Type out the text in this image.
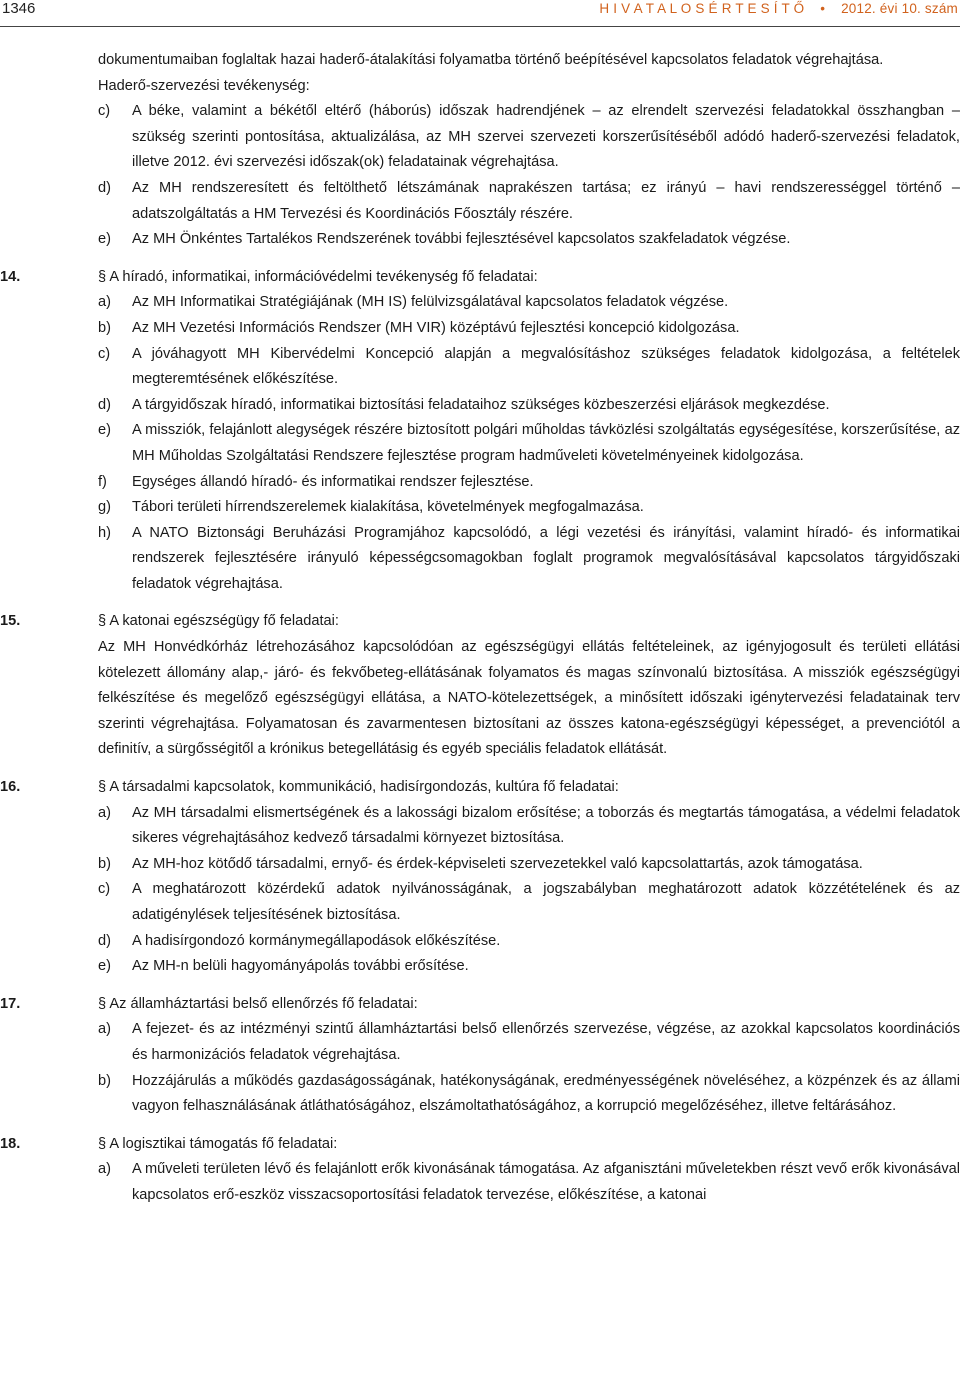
1346	H I V A T A L O S É R T E S Í T Ő • 2012. évi 10. szám

dokumentumaiban foglaltak hazai haderő-átalakítási folyamatba történő beépítésével kapcsolatos feladatok végrehajtása.

Haderő-szervezési tevékenység:

c) A béke, valamint a békétől eltérő (háborús) időszak hadrendjének – az elrendelt szervezési feladatokkal összhangban – szükség szerinti pontosítása, aktualizálása, az MH szervei szervezeti korszerűsítéséből adódó haderő-szervezési feladatok, illetve 2012. évi szervezési időszak(ok) feladatainak végrehajtása.
d) Az MH rendszeresített és feltölthető létszámának naprakészen tartása; ez irányú – havi rendszerességgel történő – adatszolgáltatás a HM Tervezési és Koordinációs Főosztály részére.
e) Az MH Önkéntes Tartalékos Rendszerének további fejlesztésével kapcsolatos szakfeladatok végzése.
14.	§ A híradó, informatikai, információvédelmi tevékenység fő feladatai:
a) Az MH Informatikai Stratégiájának (MH IS) felülvizsgálatával kapcsolatos feladatok végzése.
b) Az MH Vezetési Információs Rendszer (MH VIR) középtávú fejlesztési koncepció kidolgozása.
c) A jóváhagyott MH Kibervédelmi Koncepció alapján a megvalósításhoz szükséges feladatok kidolgozása, a feltételek megteremtésének előkészítése.
d) A tárgyidőszak híradó, informatikai biztosítási feladataihoz szükséges közbeszerzési eljárások megkezdése.
e) A missziók, felajánlott alegységek részére biztosított polgári műholdas távközlési szolgáltatás egységesítése, korszerűsítése, az MH Műholdas Szolgáltatási Rendszere fejlesztése program hadműveleti követelményeinek kidolgozása.
f) Egységes állandó híradó- és informatikai rendszer fejlesztése.
g) Tábori területi hírrendszerelemek kialakítása, követelmények megfogalmazása.
h) A NATO Biztonsági Beruházási Programjához kapcsolódó, a légi vezetési és irányítási, valamint híradó- és informatikai rendszerek fejlesztésére irányuló képességcsomagokban foglalt programok megvalósításával kapcsolatos tárgyidőszaki feladatok végrehajtása.
15.	§ A katonai egészségügy fő feladatai:

Az MH Honvédkórház létrehozásához kapcsolódóan az egészségügyi ellátás feltételeinek, az igényjogosult és területi ellátási kötelezett állomány alap,- járó- és fekvőbeteg-ellátásának folyamatos és magas színvonalú biztosítása. A missziók egészségügyi felkészítése és megelőző egészségügyi ellátása, a NATO-kötelezettségek, a minősített időszaki igénytervezési feladatainak terv szerinti végrehajtása. Folyamatosan és zavarmentesen biztosítani az összes katona-egészségügyi képességet, a prevenciótól a definitív, a sürgősségitől a krónikus betegellátásig és egyéb speciális feladatok ellátását.

16.	§ A társadalmi kapcsolatok, kommunikáció, hadisírgondozás, kultúra fő feladatai:
a) Az MH társadalmi elismertségének és a lakossági bizalom erősítése; a toborzás és megtartás támogatása, a védelmi feladatok sikeres végrehajtásához kedvező társadalmi környezet biztosítása.
b) Az MH-hoz kötődő társadalmi, ernyő- és érdek-képviseleti szervezetekkel való kapcsolattartás, azok támogatása.
c) A meghatározott közérdekű adatok nyilvánosságának, a jogszabályban meghatározott adatok közzétételének és az adatigénylések teljesítésének biztosítása.
d) A hadisírgondozó kormánymegállapodások előkészítése.
e) Az MH-n belüli hagyományápolás további erősítése.
17.	§ Az államháztartási belső ellenőrzés fő feladatai:
a) A fejezet- és az intézményi szintű államháztartási belső ellenőrzés szervezése, végzése, az azokkal kapcsolatos koordinációs és harmonizációs feladatok végrehajtása.
b) Hozzájárulás a működés gazdaságosságának, hatékonyságának, eredményességének növeléséhez, a közpénzek és az állami vagyon felhasználásának átláthatóságához, elszámoltathatóságához, a korrupció megelőzéséhez, illetve feltárásához.
18.	§ A logisztikai támogatás fő feladatai:
a) A műveleti területen lévő és felajánlott erők kivonásának támogatása. Az afganisztáni műveletekben részt vevő erők kivonásával kapcsolatos erő-eszköz visszacsoportosítási feladatok tervezése, előkészítése, a katonai
